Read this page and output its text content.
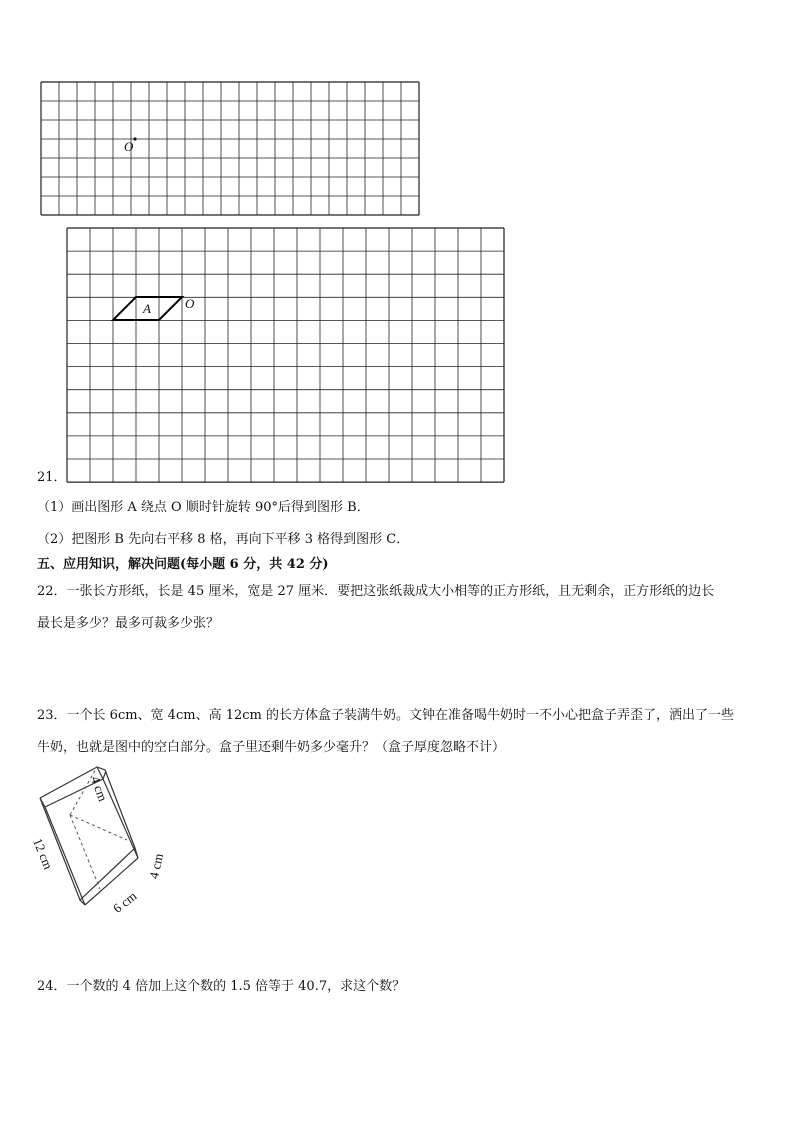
O
A	O
21．
（1）画出图形 A 绕点 O 顺时针旋转 90°后得到图形 B．
（2）把图形 B 先向右平移 8 格，再向下平移 3 格得到图形 C．
五、应用知识，解决问题(每小题 6 分，共 42 分)
22．一张长方形纸，长是 45 厘米，宽是 27 厘米．要把这张纸裁成大小相等的正方形纸，且无剩余，正方形纸的边长
最长是多少？最多可裁多少张？
23．一个长 6cm、宽 4cm、高 12cm 的长方体盒子装满牛奶。文钟在准备喝牛奶时一不小心把盒子弄歪了，洒出了一些
牛奶，也就是图中的空白部分。盒子里还剩牛奶多少毫升？（盒子厚度忽略不计）
4 cm
12 cm
6 cm
4 cm
24．一个数的 4 倍加上这个数的 1.5 倍等于 40.7，求这个数？
